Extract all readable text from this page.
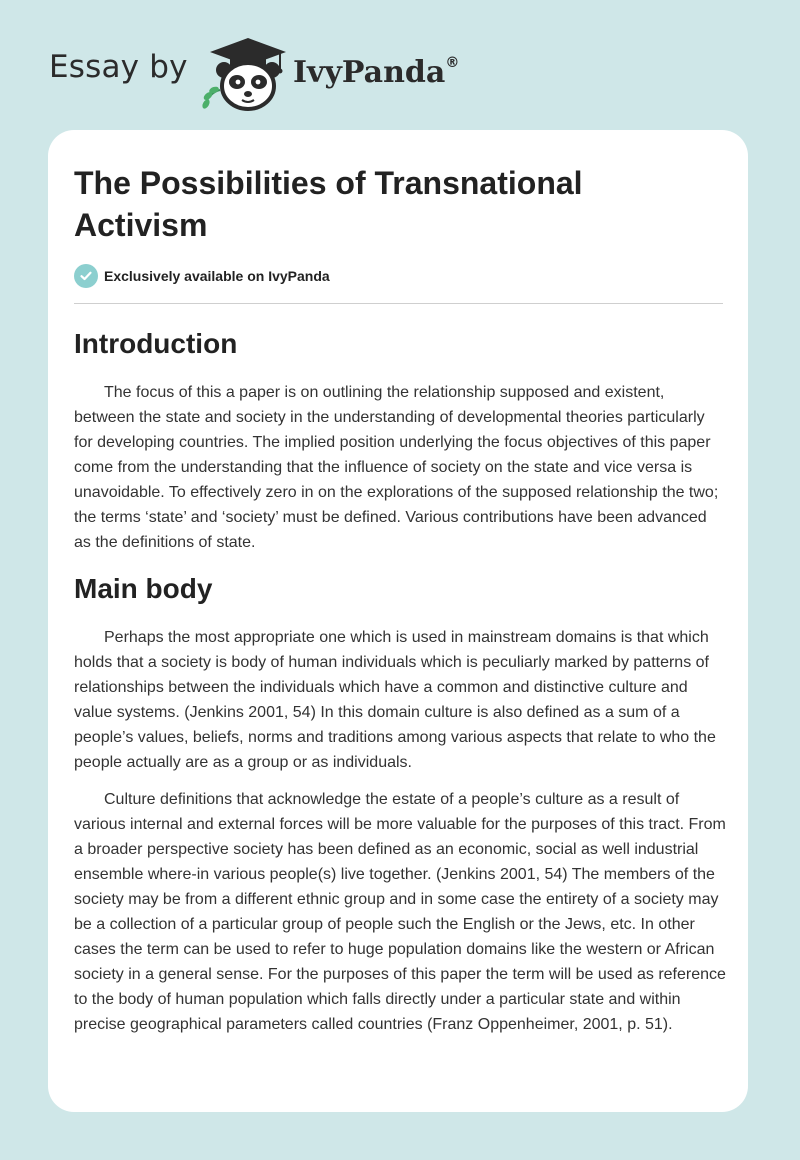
Essay by	IvyPanda®
The Possibilities of Transnational Activism
Exclusively available on IvyPanda
Introduction

The focus of this a paper is on outlining the relationship supposed and existent, between the state and society in the understanding of developmental theories particularly for developing countries. The implied position underlying the focus objectives of this paper come from the understanding that the influence of society on the state and vice versa is unavoidable. To effectively zero in on the explorations of the supposed relationship the two; the terms ‘state’ and ‘society’ must be defined. Various contributions have been advanced as the definitions of state.

Main body

Perhaps the most appropriate one which is used in mainstream domains is that which holds that a society is body of human individuals which is peculiarly marked by patterns of relationships between the individuals which have a common and distinctive culture and value systems. (Jenkins 2001, 54) In this domain culture is also defined as a sum of a people’s values, beliefs, norms and traditions among various aspects that relate to who the people actually are as a group or as individuals.

Culture definitions that acknowledge the estate of a people’s culture as a result of various internal and external forces will be more valuable for the purposes of this tract. From a broader perspective society has been defined as an economic, social as well industrial ensemble where-in various people(s) live together. (Jenkins 2001, 54) The members of the society may be from a different ethnic group and in some case the entirety of a society may be a collection of a particular group of people such the English or the Jews, etc. In other cases the term can be used to refer to huge population domains like the western or African society in a general sense. For the purposes of this paper the term will be used as reference to the body of human population which falls directly under a particular state and within precise geographical parameters called countries (Franz Oppenheimer, 2001, p. 51).
